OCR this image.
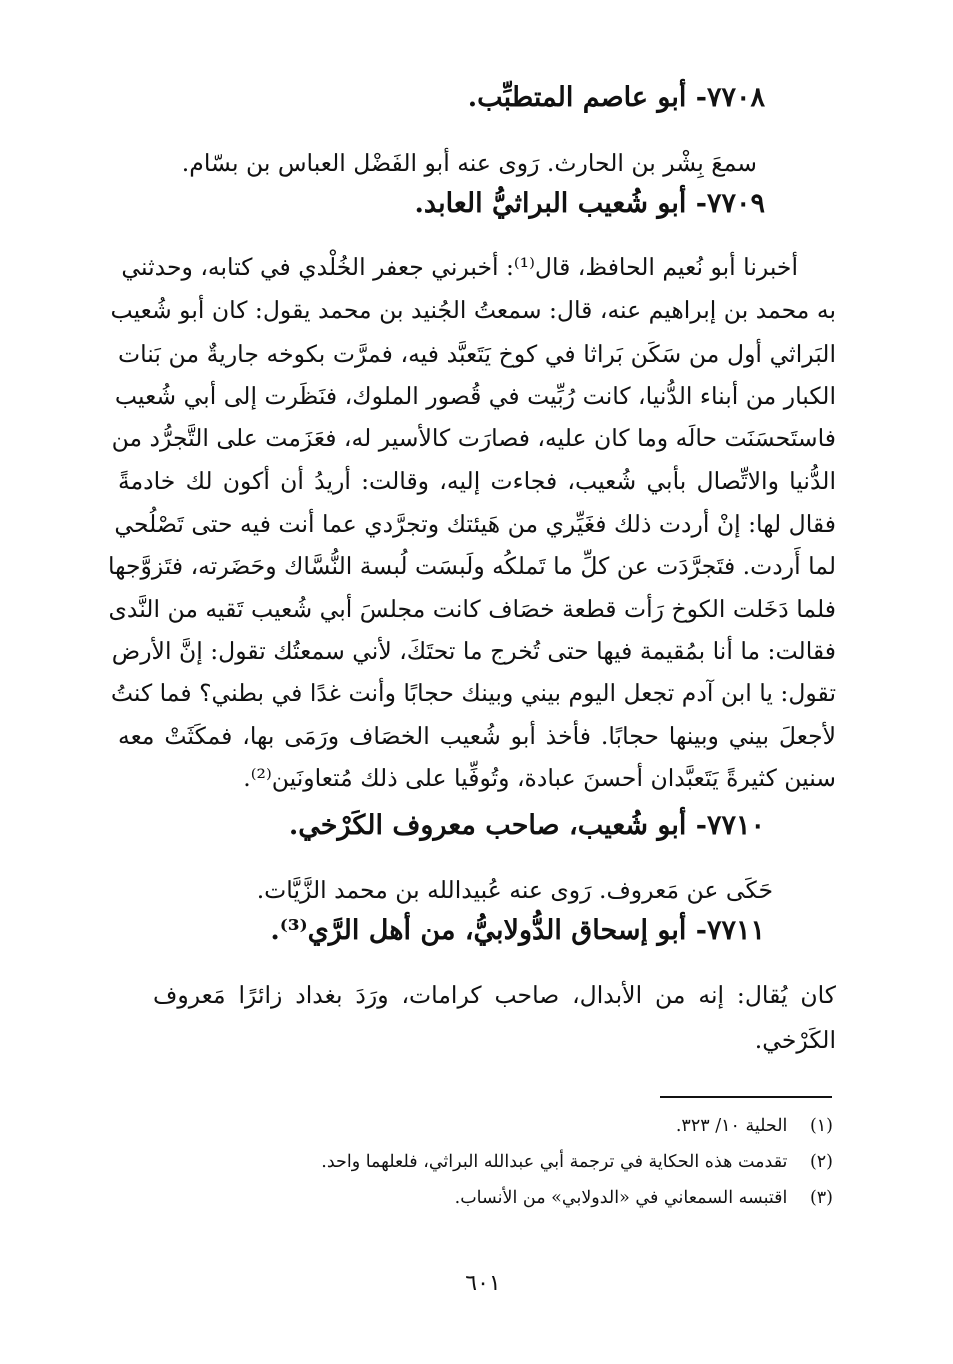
٧٧٠٨- أبو عاصم المتطبِّب.
سمعَ بِشْر بن الحارث. رَوى عنه أبو الفَضْل العباس بن بسّام.
٧٧٠٩- أبو شُعيب البراثيُّ العابد.
أخبرنا أبو نُعيم الحافظ، قال⁽¹⁾: أخبرني جعفر الخُلْدي في كتابه، وحدثني
به محمد بن إبراهيم عنه، قال: سمعتُ الجُنيد بن محمد يقول: كان أبو شُعيب
البَراثي أول من سَكَن بَراثا في كوخ يَتَعبَّد فيه، فمرَّت بكوخه جاريةٌ من بَنات
الكبار من أبناء الدُّنيا، كانت رُبِّيت في قُصور الملوك، فنَظَرت إلى أبي شُعيب
فاستَحسَنَت حالَه وما كان عليه، فصارَت كالأسير له، فعَزَمت على التَّجرُّد من
الدُّنيا والاتِّصال بأبي شُعيب، فجاءت إليه، وقالت: أريدُ أن أكون لك خادمةً
فقال لها: إنْ أردت ذلك فغَيِّري من هَيئتك وتجرَّدي عما أنت فيه حتى تَصْلُحي
لما أَردت. فتَجرَّدَت عن كلِّ ما تَملكُه ولَبسَت لُبسة النُّسَّاك وحَضَرته، فتَزوَّجها
فلما دَخَلت الكوخ رَأت قطعة خصَاف كانت مجلسَ أبي شُعيب تَقيه من النَّدى
فقالت: ما أنا بمُقيمة فيها حتى تُخرج ما تحتَكَ، لأني سمعتُك تقول: إنَّ الأرض
تقول: يا ابن آدم تجعل اليوم بيني وبينك حجابًا وأنت غدًا في بطني؟ فما كنتُ
لأجعلَ بيني وبينها حجابًا. فأخذ أبو شُعيب الخصَاف ورَمَى بها، فمكَثَتْ معه
سنين كثيرةً يَتَعبَّدان أحسنَ عبادة، وتُوفِّيا على ذلك مُتعاونَين⁽²⁾.
٧٧١٠- أبو شُعيب، صاحب معروف الكَرْخي.
حَكَى عن مَعروف. رَوى عنه عُبيدالله بن محمد الزَّيَّات.
٧٧١١- أبو إسحاق الدُّولابيُّ، من أهل الرَّي⁽³⁾.
كان يُقال: إنه من الأبدال، صاحب كرامات، ورَدَ بغداد زائرًا مَعروف
الكَرْخي.
(١) الحلية ١٠/ ٣٢٣.
(٢) تقدمت هذه الحكاية في ترجمة أبي عبدالله البراثي، فلعلهما واحد.
(٣) اقتبسه السمعاني في «الدولابي» من الأنساب.
٦٠١
